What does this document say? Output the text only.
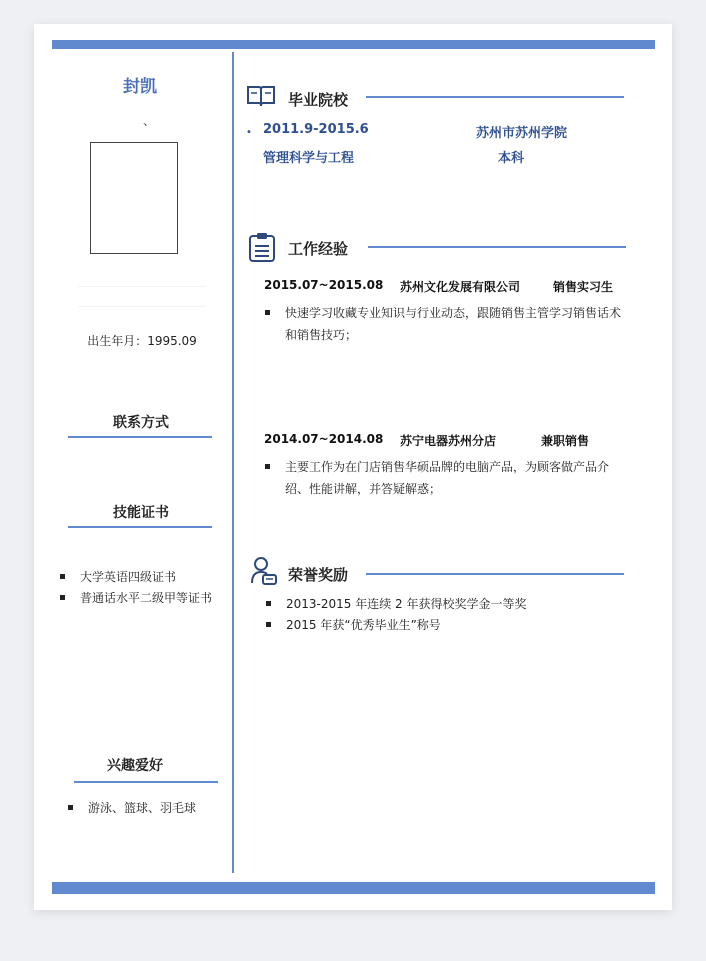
封凯
、
出生年月：1995.09
联系方式
技能证书
大学英语四级证书
普通话水平二级甲等证书
兴趣爱好
游泳、篮球、羽毛球
毕业院校
• 2011.9-2015.6	苏州市苏州学院
管理科学与工程	本科
工作经验
2015.07~2015.08 苏州文化发展有限公司	销售实习生
快速学习收藏专业知识与行业动态，跟随销售主管学习销售话术和销售技巧；
2014.07~2014.08 苏宁电器苏州分店	兼职销售
主要工作为在门店销售华硕品牌的电脑产品，为顾客做产品介绍、性能讲解，并答疑解惑；
荣誉奖励
2013-2015 年连续 2 年获得校奖学金一等奖
2015 年获“优秀毕业生”称号
